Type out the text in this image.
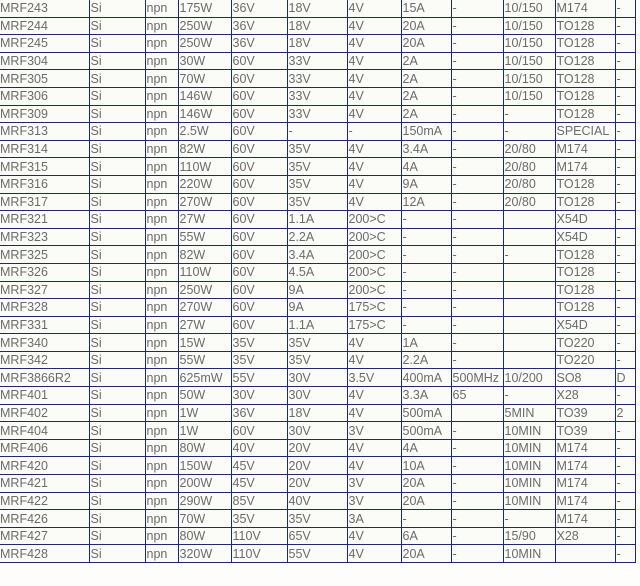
MRF243	Si	npn	175W	36V	18V	4V	15A	-	10/150	M174	-
MRF244	Si	npn	250W	36V	18V	4V	20A	-	10/150	TO128	-
MRF245	Si	npn	250W	36V	18V	4V	20A	-	10/150	TO128	-
MRF304	Si	npn	30W	60V	33V	4V	2A	-	10/150	TO128	-
MRF305	Si	npn	70W	60V	33V	4V	2A	-	10/150	TO128	-
MRF306	Si	npn	146W	60V	33V	4V	2A	-	10/150	TO128	-
MRF309	Si	npn	146W	60V	33V	4V	2A	-	-	TO128	-
MRF313	Si	npn	2.5W	60V	-	-	150mA	-	-	SPECIAL	-
MRF314	Si	npn	82W	60V	35V	4V	3.4A	-	20/80	M174	-
MRF315	Si	npn	110W	60V	35V	4V	4A	-	20/80	M174	-
MRF316	Si	npn	220W	60V	35V	4V	9A	-	20/80	TO128	-
MRF317	Si	npn	270W	60V	35V	4V	12A	-	20/80	TO128	-
MRF321	Si	npn	27W	60V	1.1A	200>C	-	-		X54D	-
MRF323	Si	npn	55W	60V	2.2A	200>C	-	-		X54D	-
MRF325	Si	npn	82W	60V	3.4A	200>C	-	-	-	TO128	-
MRF326	Si	npn	110W	60V	4.5A	200>C	-	-		TO128	-
MRF327	Si	npn	250W	60V	9A	200>C	-	-		TO128	-
MRF328	Si	npn	270W	60V	9A	175>C	-	-		TO128	-
MRF331	Si	npn	27W	60V	1.1A	175>C	-	-		X54D	-
MRF340	Si	npn	15W	35V	35V	4V	1A	-		TO220	-
MRF342	Si	npn	55W	35V	35V	4V	2.2A	-		TO220	-
MRF3866R2	Si	npn	625mW	55V	30V	3.5V	400mA	500MHz	10/200	SO8	D
MRF401	Si	npn	50W	30V	30V	4V	3.3A	65	-	X28	-
MRF402	Si	npn	1W	36V	18V	4V	500mA		5MIN	TO39	2
MRF404	Si	npn	1W	60V	30V	3V	500mA	-	10MIN	TO39	-
MRF406	Si	npn	80W	40V	20V	4V	4A	-	10MIN	M174	-
MRF420	Si	npn	150W	45V	20V	4V	10A	-	10MIN	M174	-
MRF421	Si	npn	200W	45V	20V	3V	20A	-	10MIN	M174	-
MRF422	Si	npn	290W	85V	40V	3V	20A	-	10MIN	M174	-
MRF426	Si	npn	70W	35V	35V	3A	-	-	-	M174	-
MRF427	Si	npn	80W	110V	65V	4V	6A	-	15/90	X28	-
MRF428	Si	npn	320W	110V	55V	4V	20A	-	10MIN		-
